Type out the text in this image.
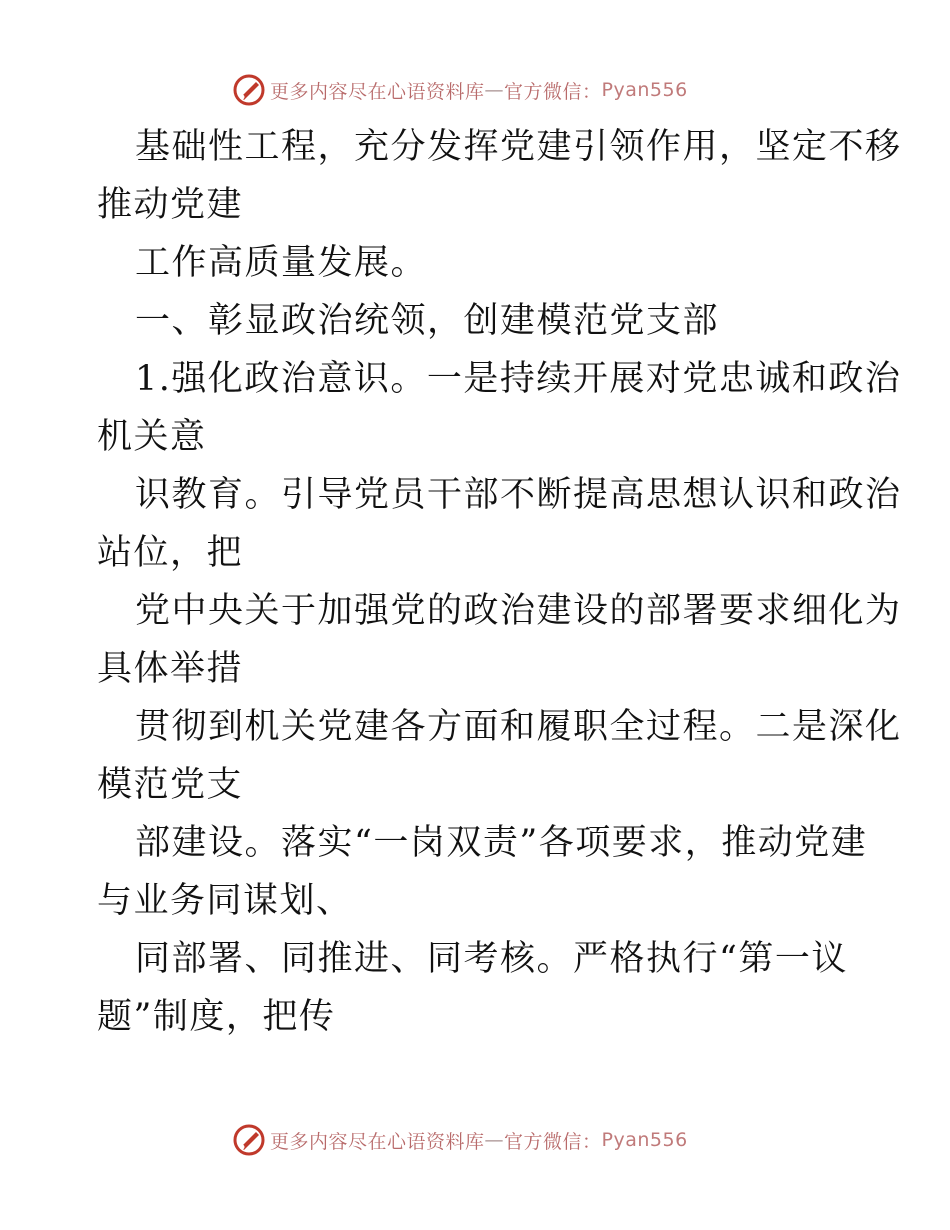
更多内容尽在心语资料库 — 官方微信： Pyan556
基础性工程，充分发挥党建引领作用，坚定不移
推动党建
工作高质量发展。
一、彰显政治统领，创建模范党支部
1.强化政治意识。一是持续开展对党忠诚和政治
机关意
识教育。引导党员干部不断提高思想认识和政治
站位，把
党中央关于加强党的政治建设的部署要求细化为
具体举措
贯彻到机关党建各方面和履职全过程。二是深化
模范党支
部建设。落实“一岗双责”各项要求，推动党建
与业务同谋划、
同部署、同推进、同考核。严格执行“第一议
题”制度，把传
更多内容尽在心语资料库 — 官方微信： Pyan556
